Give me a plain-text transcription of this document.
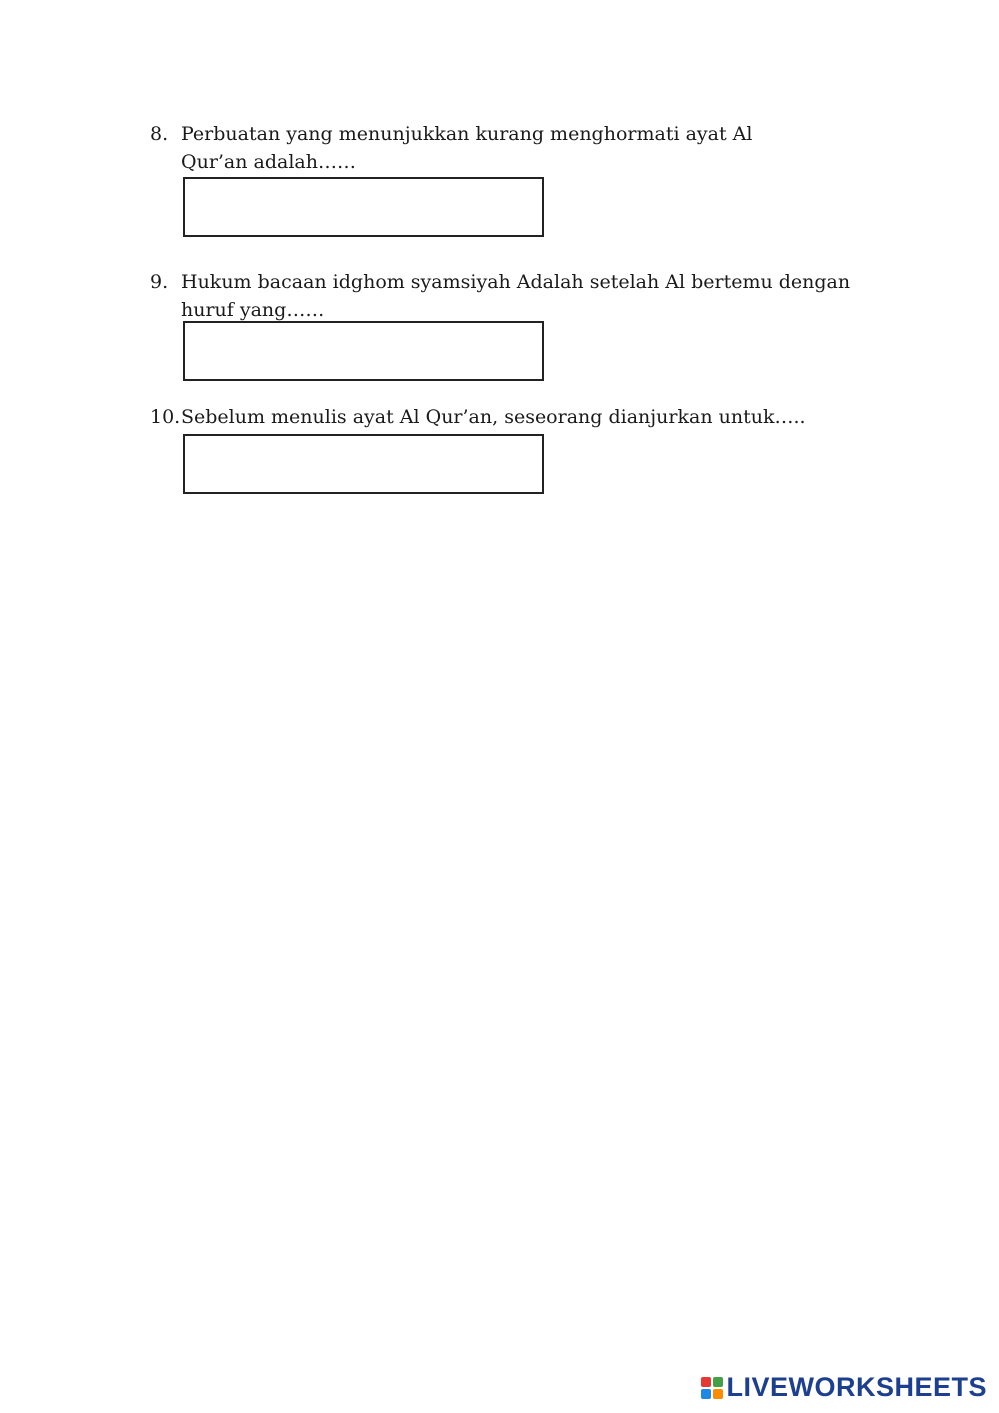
8. Perbuatan yang menunjukkan kurang menghormati ayat Al Qur’an adalah……
9. Hukum bacaan idghom syamsiyah Adalah setelah Al bertemu dengan huruf yang……
10. Sebelum menulis ayat Al Qur’an, seseorang dianjurkan untuk…..
LIVEWORKSHEETS
